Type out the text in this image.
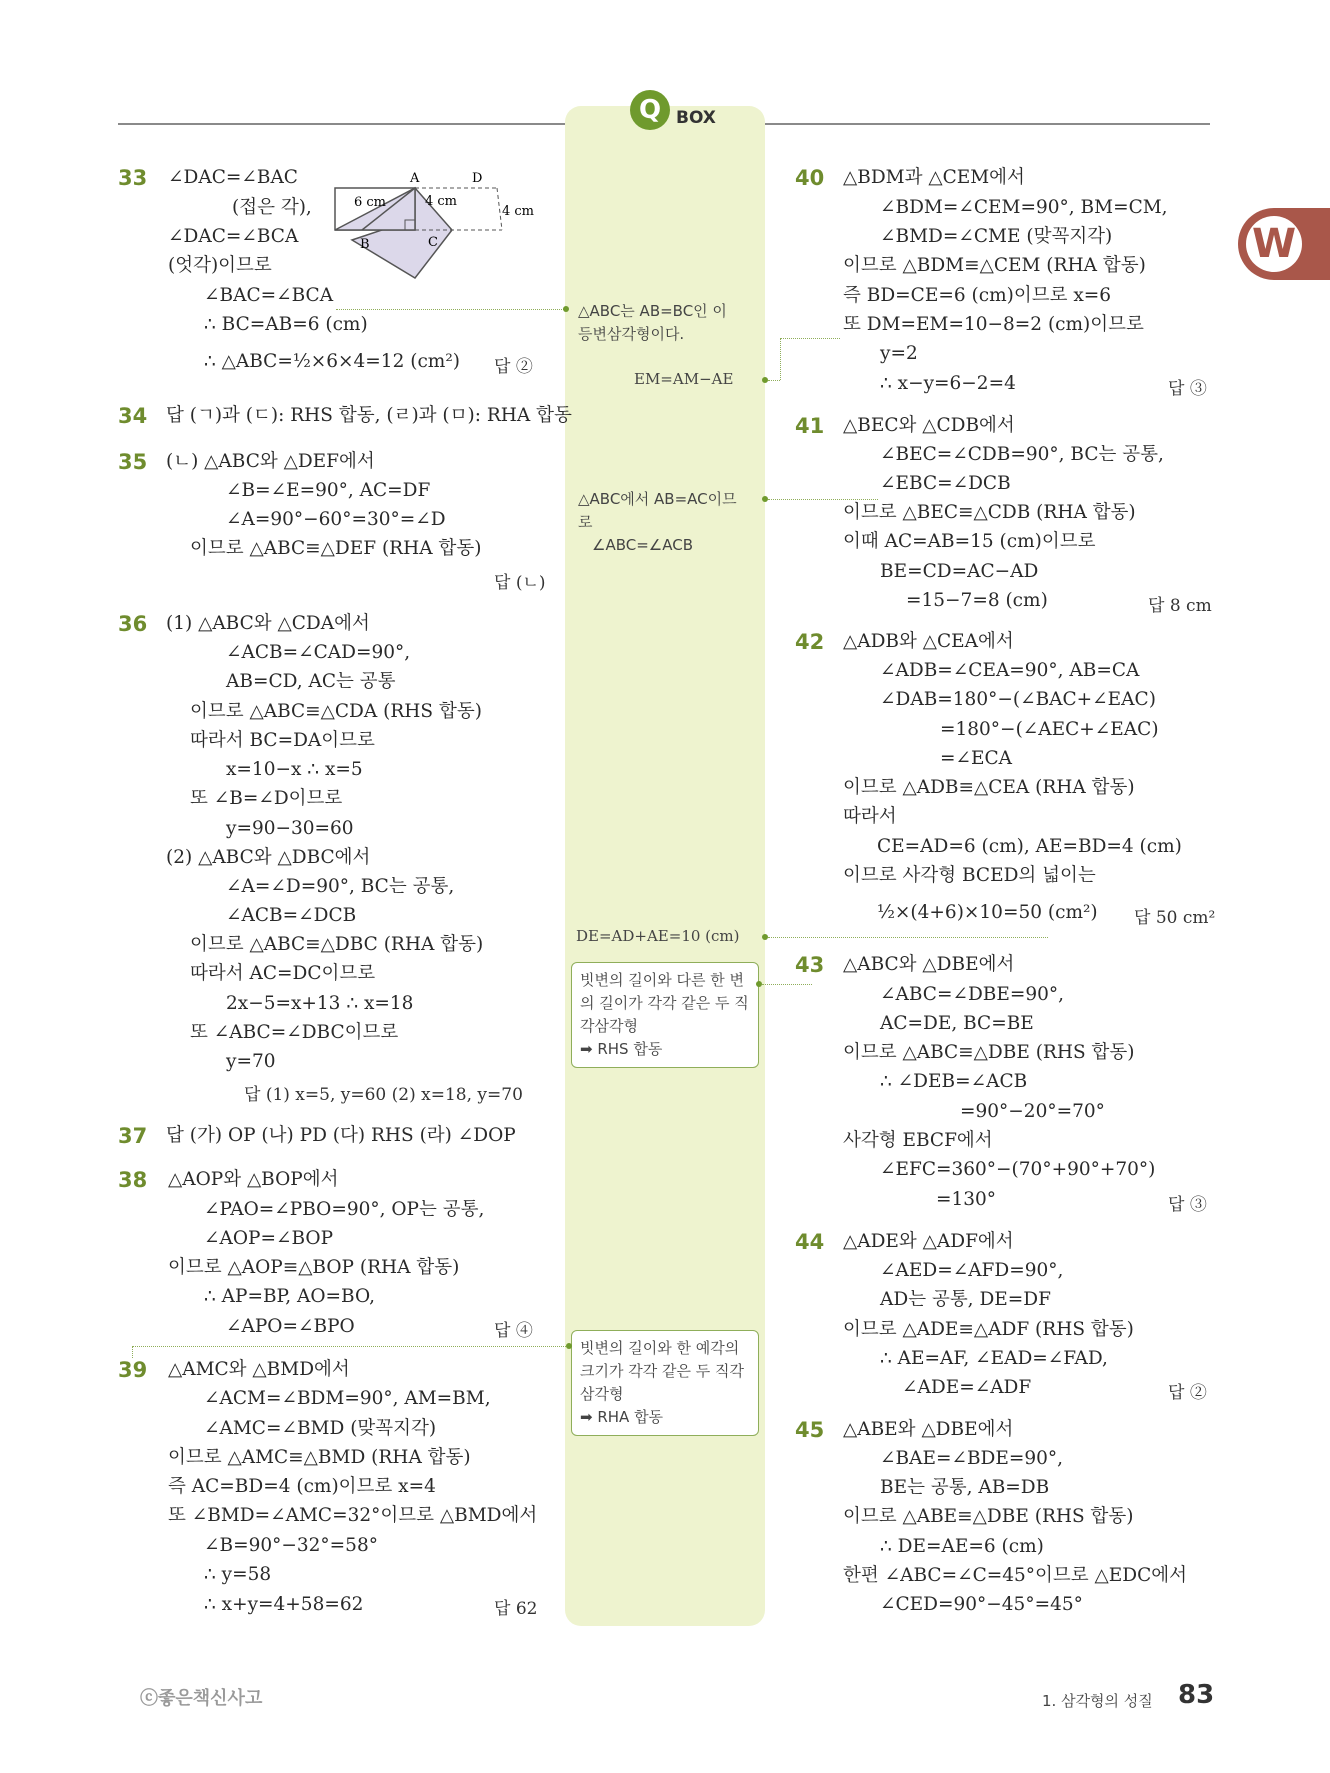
Q BOX
W
A	D
B	C
6 cm	4 cm
4 cm
33 ∠DAC=∠BAC
(접은 각),
∠DAC=∠BCA
(엇각)이므로
∠BAC=∠BCA
∴ BC=AB=6 (cm)
∴ △ABC=½×6×4=12 (cm²) 답 ②
34 답 (ㄱ)과 (ㄷ): RHS 합동, (ㄹ)과 (ㅁ): RHA 합동
35 (ㄴ) △ABC와 △DEF에서
∠B=∠E=90°, AC=DF
∠A=90°−60°=30°=∠D
이므로 △ABC≡△DEF (RHA 합동)
답 (ㄴ)
36 (1) △ABC와 △CDA에서
∠ACB=∠CAD=90°,
AB=CD, AC는 공통
이므로 △ABC≡△CDA (RHS 합동)
따라서 BC=DA이므로
x=10−x ∴ x=5
또 ∠B=∠D이므로
y=90−30=60
(2) △ABC와 △DBC에서
∠A=∠D=90°, BC는 공통,
∠ACB=∠DCB
이므로 △ABC≡△DBC (RHA 합동)
따라서 AC=DC이므로
2x−5=x+13 ∴ x=18
또 ∠ABC=∠DBC이므로
y=70
답 (1) x=5, y=60 (2) x=18, y=70
37 답 (가) OP (나) PD (다) RHS (라) ∠DOP
38 △AOP와 △BOP에서
∠PAO=∠PBO=90°, OP는 공통,
∠AOP=∠BOP
이므로 △AOP≡△BOP (RHA 합동)
∴ AP=BP, AO=BO,
∠APO=∠BPO	답 ④
39 △AMC와 △BMD에서
∠ACM=∠BDM=90°, AM=BM,
∠AMC=∠BMD (맞꼭지각)
이므로 △AMC≡△BMD (RHA 합동)
즉 AC=BD=4 (cm)이므로 x=4
또 ∠BMD=∠AMC=32°이므로 △BMD에서
∠B=90°−32°=58°
∴ y=58
∴ x+y=4+58=62	답 62
△ABC는 AB=BC인 이
등변삼각형이다.
EM=AM−AE
△ABC에서 AB=AC이므
로
∠ABC=∠ACB
DE=AD+AE=10 (cm)
빗변의 길이와 다른 한 변
의 길이가 각각 같은 두 직
각삼각형
➡ RHS 합동
빗변의 길이와 한 예각의
크기가 각각 같은 두 직각
삼각형
➡ RHA 합동
40 △BDM과 △CEM에서
∠BDM=∠CEM=90°, BM=CM,
∠BMD=∠CME (맞꼭지각)
이므로 △BDM≡△CEM (RHA 합동)
즉 BD=CE=6 (cm)이므로 x=6
또 DM=EM=10−8=2 (cm)이므로
y=2
∴ x−y=6−2=4	답 ③
41 △BEC와 △CDB에서
∠BEC=∠CDB=90°, BC는 공통,
∠EBC=∠DCB
이므로 △BEC≡△CDB (RHA 합동)
이때 AC=AB=15 (cm)이므로
BE=CD=AC−AD
=15−7=8 (cm)	답 8 cm
42 △ADB와 △CEA에서
∠ADB=∠CEA=90°, AB=CA
∠DAB=180°−(∠BAC+∠EAC)
=180°−(∠AEC+∠EAC)
=∠ECA
이므로 △ADB≡△CEA (RHA 합동)
따라서
CE=AD=6 (cm), AE=BD=4 (cm)
이므로 사각형 BCED의 넓이는
½×(4+6)×10=50 (cm²) 답 50 cm²
43 △ABC와 △DBE에서
∠ABC=∠DBE=90°,
AC=DE, BC=BE
이므로 △ABC≡△DBE (RHS 합동)
∴ ∠DEB=∠ACB
=90°−20°=70°
사각형 EBCF에서
∠EFC=360°−(70°+90°+70°)
=130°	답 ③
44 △ADE와 △ADF에서
∠AED=∠AFD=90°,
AD는 공통, DE=DF
이므로 △ADE≡△ADF (RHS 합동)
∴ AE=AF, ∠EAD=∠FAD,
∠ADE=∠ADF	답 ②
45 △ABE와 △DBE에서
∠BAE=∠BDE=90°,
BE는 공통, AB=DB
이므로 △ABE≡△DBE (RHS 합동)
∴ DE=AE=6 (cm)
한편 ∠ABC=∠C=45°이므로 △EDC에서
∠CED=90°−45°=45°
ⓒ좋은책신사고	1. 삼각형의 성질 83
